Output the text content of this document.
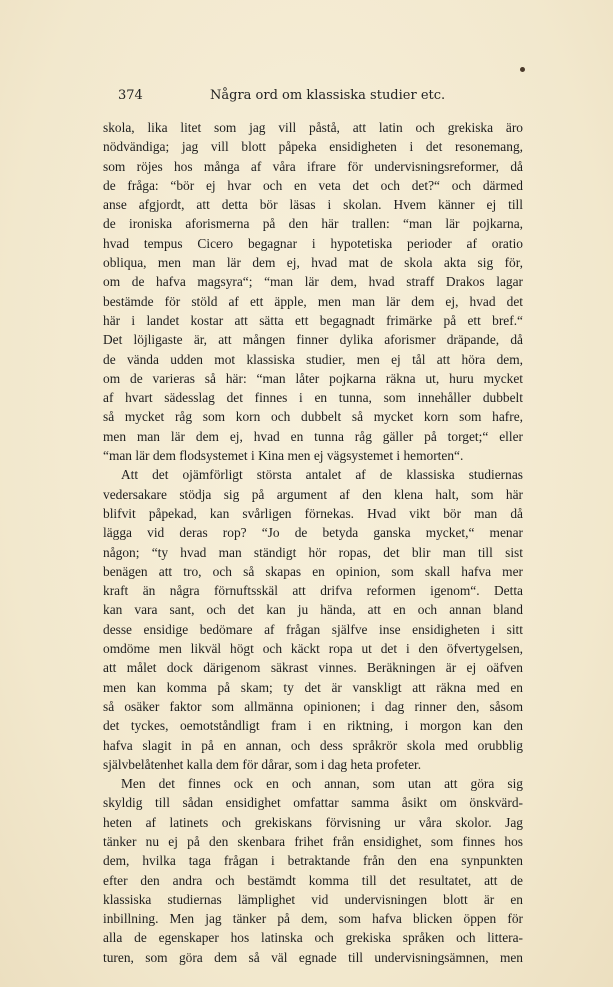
374	Några ord om klassiska studier etc.
skola, lika litet som jag vill påstå, att latin och grekiska äro
nödvändiga; jag vill blott påpeka ensidigheten i det resonemang,
som röjes hos många af våra ifrare för undervisningsreformer, då
de fråga: “bör ej hvar och en veta det och det?“ och därmed
anse afgjordt, att detta bör läsas i skolan. Hvem känner ej till
de ironiska aforismerna på den här trallen: “man lär pojkarna,
hvad tempus Cicero begagnar i hypotetiska perioder af oratio
obliqua, men man lär dem ej, hvad mat de skola akta sig för,
om de hafva magsyra“; “man lär dem, hvad straff Drakos lagar
bestämde för stöld af ett äpple, men man lär dem ej, hvad det
här i landet kostar att sätta ett begagnadt frimärke på ett bref.“
Det löjligaste är, att mången finner dylika aforismer dräpande, då
de vända udden mot klassiska studier, men ej tål att höra dem,
om de varieras så här: “man låter pojkarna räkna ut, huru mycket
af hvart sädesslag det finnes i en tunna, som innehåller dubbelt
så mycket råg som korn och dubbelt så mycket korn som hafre,
men man lär dem ej, hvad en tunna råg gäller på torget;“ eller
“man lär dem flodsystemet i Kina men ej vägsystemet i hemorten“.
Att det ojämförligt största antalet af de klassiska studiernas
vedersakare stödja sig på argument af den klena halt, som här
blifvit påpekad, kan svårligen förnekas. Hvad vikt bör man då
lägga vid deras rop? “Jo de betyda ganska mycket,“ menar
någon; “ty hvad man ständigt hör ropas, det blir man till sist
benägen att tro, och så skapas en opinion, som skall hafva mer
kraft än några förnuftsskäl att drifva reformen igenom“. Detta
kan vara sant, och det kan ju hända, att en och annan bland
desse ensidige bedömare af frågan själfve inse ensidigheten i sitt
omdöme men likväl högt och käckt ropa ut det i den öfvertygelsen,
att målet dock därigenom säkrast vinnes. Beräkningen är ej oäfven
men kan komma på skam; ty det är vanskligt att räkna med en
så osäker faktor som allmänna opinionen; i dag rinner den, såsom
det tyckes, oemotståndligt fram i en riktning, i morgon kan den
hafva slagit in på en annan, och dess språkrör skola med orubblig
självbelåtenhet kalla dem för dårar, som i dag heta profeter.
Men det finnes ock en och annan, som utan att göra sig
skyldig till sådan ensidighet omfattar samma åsikt om önskvärd-
heten af latinets och grekiskans förvisning ur våra skolor. Jag
tänker nu ej på den skenbara frihet från ensidighet, som finnes hos
dem, hvilka taga frågan i betraktande från den ena synpunkten
efter den andra och bestämdt komma till det resultatet, att de
klassiska studiernas lämplighet vid undervisningen blott är en
inbillning. Men jag tänker på dem, som hafva blicken öppen för
alla de egenskaper hos latinska och grekiska språken och littera-
turen, som göra dem så väl egnade till undervisningsämnen, men
